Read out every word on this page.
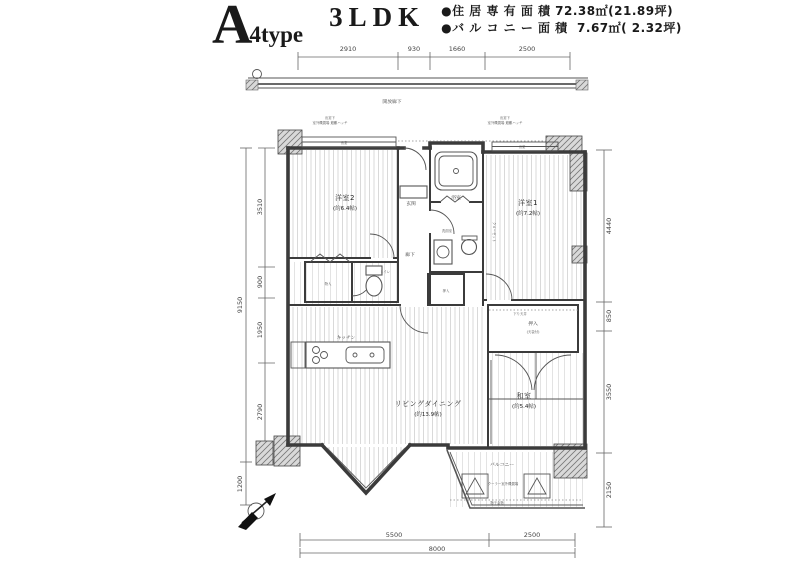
A
4type
3LDK ●住 居 専 有 面 積 72.38㎡(21.89坪)
●バ ル コ ニ ー 面 積  7.67㎡( 2.32坪)
開放廊下
2910	930	1660	2500
3510
900
1950
2790
9150
1200
4440
850
3550
2150
5500	2500
8000
洋室2
(約6.4帖)
洋室1
(約7.2帖)
リビングダイニング
(約13.9帖)
和室
(約5.4帖)
キッチン
玄関
浴室
洗面室
トイレ
廊下
押入
物入
押入
(天袋付)
クローゼット
バルコニー
出窓
出窓
出窓下
室外機置場 避難ハッチ
出窓下
室外機置場 避難ハッチ
下り天井
物干金物
クーラー室外機置場
